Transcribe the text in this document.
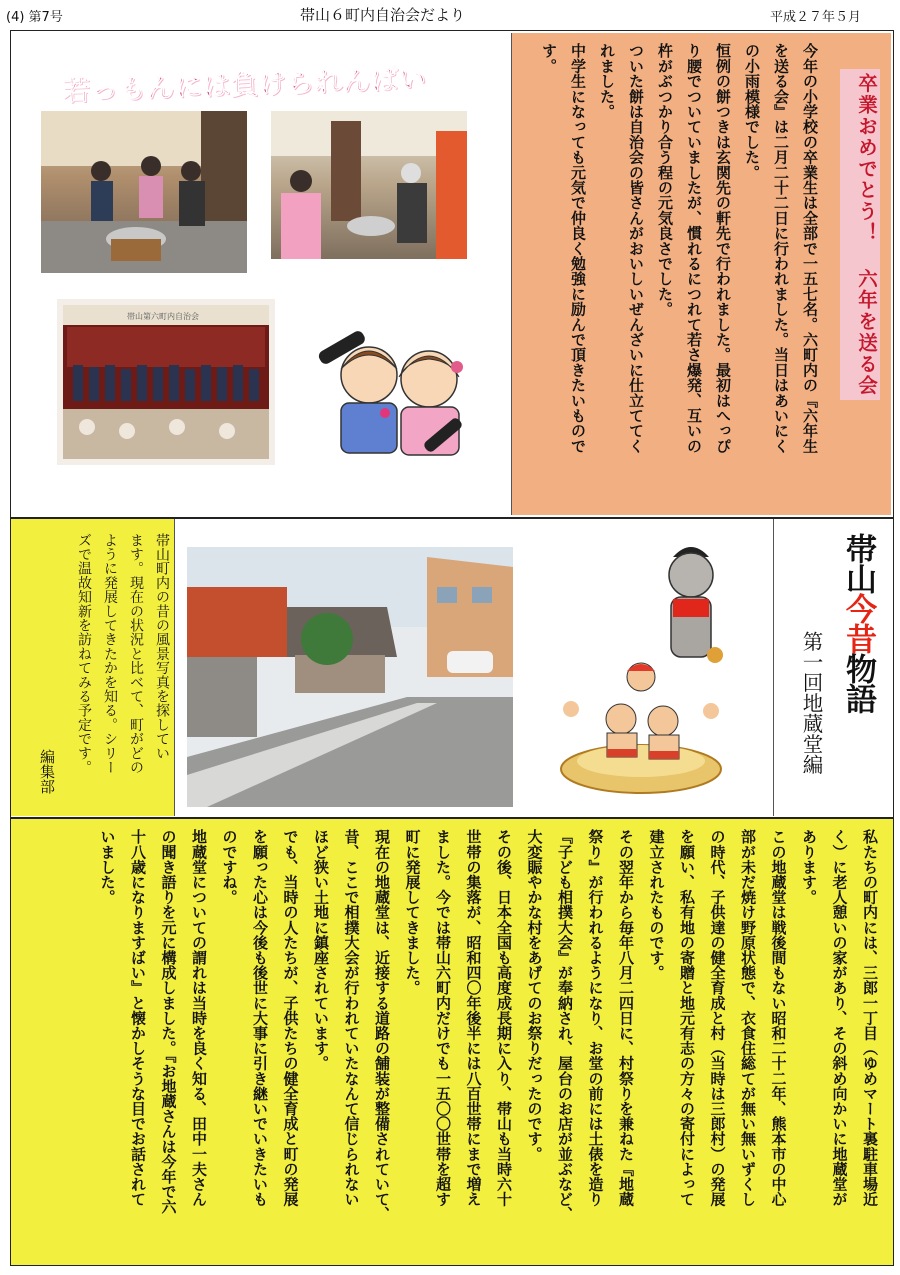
(4) 第7号	帯山６町内自治会だより	平成２７年５月
若っもんには負けられんばい
帯山第六町内自治会	卒業おめでとう！ 六年を送る会
今年の小学校の卒業生は全部で一五七名。六町内の『六年生
を送る会』は二月二十二日に行われました。当日はあいにく
の小雨模様でした。
恒例の餅つきは玄関先の軒先で行われました。最初はへっぴ
り腰でついていましたが、慣れるにつれて若さ爆発、互いの
杵がぶつかり合う程の元気良さでした。
ついた餅は自治会の皆さんがおいしいぜんざいに仕立ててく
れました。
中学生になっても元気で仲良く勉強に励んで頂きたいもので
す。
帯山町内の昔の風景写真を探してい
ます。現在の状況と比べて、町がどの
ように発展してきたかを知る。シリー
ズで温故知新を訪ねてみる予定です。
編集部
帯山今昔物語
第一回地蔵堂編
私たちの町内には、三郎一丁目（ゆめマート裏駐車場近
く）に老人憩いの家があり、その斜め向かいに地蔵堂が
あります。
この地蔵堂は戦後間もない昭和二十二年、熊本市の中心
部が未だ焼け野原状態で、衣食住総てが無い無いずくし
の時代、子供達の健全育成と村（当時は三郎村）の発展
を願い、私有地の寄贈と地元有志の方々の寄付によって
建立されたものです。
その翌年から毎年八月二四日に、村祭りを兼ねた『地蔵
祭り』が行われるようになり、お堂の前には土俵を造り
『子ども相撲大会』が奉納され、屋台のお店が並ぶなど、
大変賑やかな村をあげてのお祭りだったのです。
その後、日本全国も高度成長期に入り、帯山も当時六十
世帯の集落が、昭和四〇年後半には八百世帯にまで増え
ました。今では帯山六町内だけでも一五〇〇世帯を超す
町に発展してきました。
現在の地蔵堂は、近接する道路の舗装が整備されていて、
昔、ここで相撲大会が行われていたなんて信じられない
ほど狭い土地に鎮座されています。
でも、当時の人たちが、子供たちの健全育成と町の発展
を願った心は今後も後世に大事に引き継いでいきたいも
のですね。
地蔵堂についての謂れは当時を良く知る、田中一夫さん
の聞き語りを元に構成しました。『お地蔵さんは今年で六
十八歳になりますばい』と懐かしそうな目でお話されて
いました。
